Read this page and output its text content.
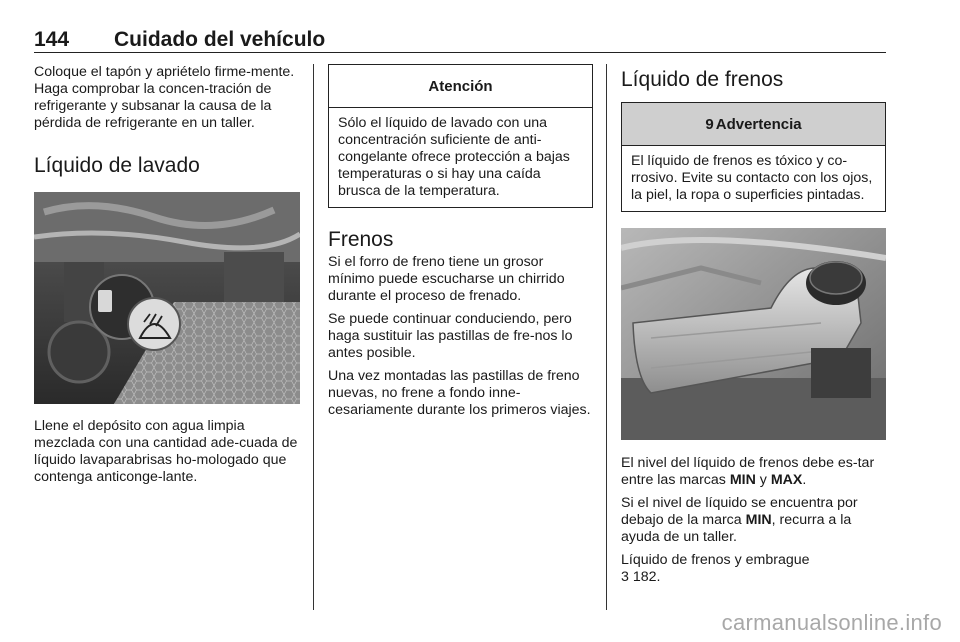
144 Cuidado del vehículo

Coloque el tapón y apriételo firme-mente. Haga comprobar la concen-tración de refrigerante y subsanar la causa de la pérdida de refrigerante en un taller.

Líquido de lavado

Llene el depósito con agua limpia mezclada con una cantidad ade-cuada de líquido lavaparabrisas ho-mologado que contenga anticonge-lante.

Atención
Sólo el líquido de lavado con una concentración suficiente de anti-congelante ofrece protección a bajas temperaturas o si hay una caída brusca de la temperatura.
Frenos

Si el forro de freno tiene un grosor mínimo puede escucharse un chirrido durante el proceso de frenado.

Se puede continuar conduciendo, pero haga sustituir las pastillas de fre-nos lo antes posible.

Una vez montadas las pastillas de freno nuevas, no frene a fondo inne-cesariamente durante los primeros viajes.

Líquido de frenos
9 Advertencia
El líquido de frenos es tóxico y co-rrosivo. Evite su contacto con los ojos, la piel, la ropa o superficies pintadas.

El nivel del líquido de frenos debe es-tar entre las marcas MIN y MAX.

Si el nivel de líquido se encuentra por debajo de la marca MIN, recurra a la ayuda de un taller.

Líquido de frenos y embrague
3 182.

carmanualsonline.info
